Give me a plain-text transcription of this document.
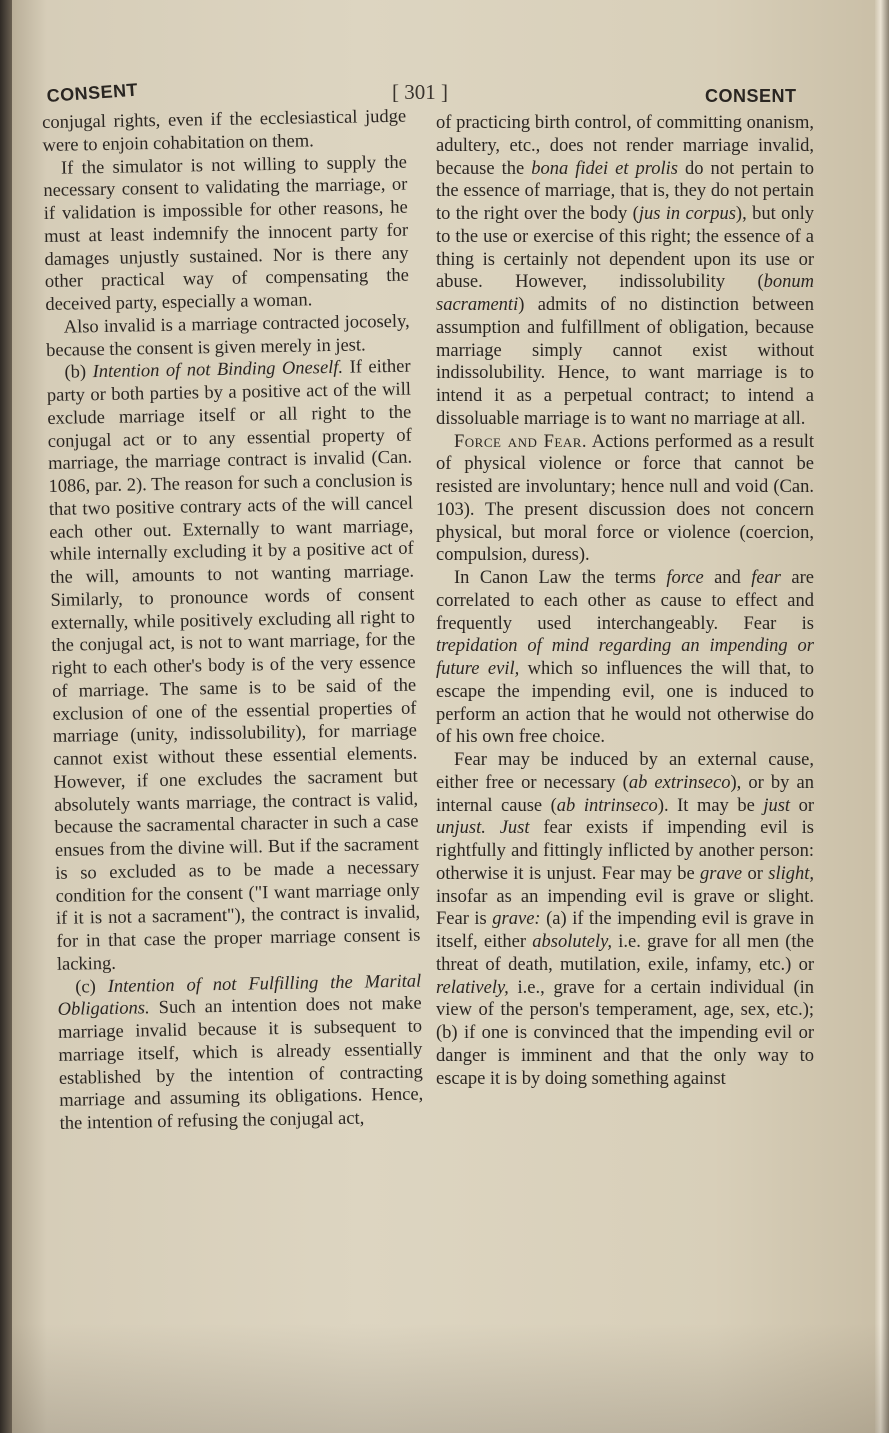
CONSENT	[ 301 ]	CONSENT

conjugal rights, even if the ecclesiastical judge were to enjoin cohabitation on them.

If the simulator is not willing to supply the necessary consent to validating the marriage, or if validation is impossible for other reasons, he must at least indemnify the innocent party for damages unjustly sustained. Nor is there any other practical way of compensating the deceived party, especially a woman.

Also invalid is a marriage contracted jocosely, because the consent is given merely in jest.

(b) Intention of not Binding Oneself. If either party or both parties by a positive act of the will exclude marriage itself or all right to the conjugal act or to any essential property of marriage, the marriage contract is invalid (Can. 1086, par. 2). The reason for such a conclusion is that two positive contrary acts of the will cancel each other out. Externally to want marriage, while internally excluding it by a positive act of the will, amounts to not wanting marriage. Similarly, to pronounce words of consent externally, while positively excluding all right to the conjugal act, is not to want marriage, for the right to each other's body is of the very essence of marriage. The same is to be said of the exclusion of one of the essential properties of marriage (unity, indissolubility), for marriage cannot exist without these essential elements. However, if one excludes the sacrament but absolutely wants marriage, the contract is valid, because the sacramental character in such a case ensues from the divine will. But if the sacrament is so excluded as to be made a necessary condition for the consent ("I want marriage only if it is not a sacrament"), the contract is invalid, for in that case the proper marriage consent is lacking.

(c) Intention of not Fulfilling the Marital Obligations. Such an intention does not make marriage invalid because it is subsequent to marriage itself, which is already essentially established by the intention of contracting marriage and assuming its obligations. Hence, the intention of refusing the conjugal act,

of practicing birth control, of committing onanism, adultery, etc., does not render marriage invalid, because the bona fidei et prolis do not pertain to the essence of marriage, that is, they do not pertain to the right over the body (jus in corpus), but only to the use or exercise of this right; the essence of a thing is certainly not dependent upon its use or abuse. However, indissolubility (bonum sacramenti) admits of no distinction between assumption and fulfillment of obligation, because marriage simply cannot exist without indissolubility. Hence, to want marriage is to intend it as a perpetual contract; to intend a dissoluable marriage is to want no marriage at all.

Force and Fear. Actions performed as a result of physical violence or force that cannot be resisted are involuntary; hence null and void (Can. 103). The present discussion does not concern physical, but moral force or violence (coercion, compulsion, duress).

In Canon Law the terms force and fear are correlated to each other as cause to effect and frequently used interchangeably. Fear is trepidation of mind regarding an impending or future evil, which so influences the will that, to escape the impending evil, one is induced to perform an action that he would not otherwise do of his own free choice.

Fear may be induced by an external cause, either free or necessary (ab extrinseco), or by an internal cause (ab intrinseco). It may be just or unjust. Just fear exists if impending evil is rightfully and fittingly inflicted by another person: otherwise it is unjust. Fear may be grave or slight, insofar as an impending evil is grave or slight. Fear is grave: (a) if the impending evil is grave in itself, either absolutely, i.e. grave for all men (the threat of death, mutilation, exile, infamy, etc.) or relatively, i.e., grave for a certain individual (in view of the person's temperament, age, sex, etc.); (b) if one is convinced that the impending evil or danger is imminent and that the only way to escape it is by doing something against
